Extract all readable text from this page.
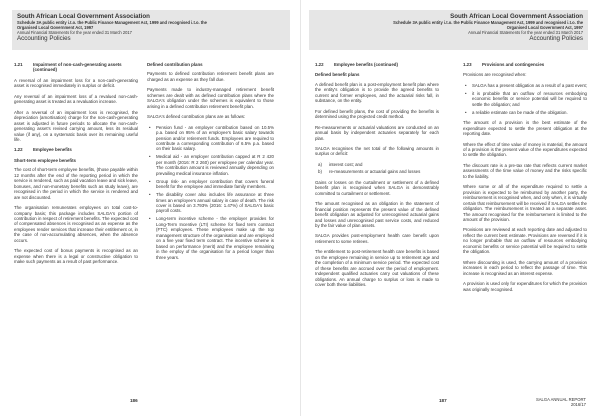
South African Local Government Association
Schedule 3A public entity i.t.o. the Public Finance Management Act, 1999 and recognised i.t.o. the
Organised Local Government Act, 1997
Annual Financial Statements for the year ended 31 March 2017
Accounting Policies
1.21	Impairment of non-cash-generating assets (continued)

A reversal of an impairment loss for a non-cash-generating asset is recognised immediately in surplus or deficit.

Any reversal of an impairment loss of a revalued non-cash-generating asset is treated as a revaluation increase.

After a reversal of an impairment loss is recognised, the depreciation (amortisation) charge for the non-cash-generating asset is adjusted in future periods to allocate the non-cash-generating asset's revised carrying amount, less its residual value (if any), on a systematic basis over its remaining useful life.

1.22	Employee benefits
Short-term employee benefits

The cost of short-term employee benefits, (those payable within 12 months after the end of the reporting period in which the service is rendered, such as paid vacation leave and sick leave, bonuses, and non-monetary benefits such as study leave), are recognised in the period in which the service is rendered and are not discounted.

The organisation remunerates employees on total cost-to-company basis; this package includes SALGA's portion of contribution in respect of retirement benefits. The expected cost of compensated absences is recognised as an expense as the employees render services that increase their entitlement or, in the case of non-accumulating absences, when the absence occurs.

The expected cost of bonus payments is recognised as an expense when there is a legal or constructive obligation to make such payments as a result of past performance.

Defined contribution plans

Payments to defined contribution retirement benefit plans are charged as an expense as they fall due.

Payments made to industry-managed retirement benefit schemes are dealt with as defined contribution plans where the SALGA's obligation under the schemes is equivalent to those arising in a defined contribution retirement benefit plan.

SALGA's defined contribution plans are as follows:

• Pension fund - an employer contribution based on 10.5% p.a. based on 95% of an employee's basic salary towards pension and/or retirement funds. Employees are required to contribute a corresponding contribution of 6.5% p.a. based on their basic salary.
• Medical aid - an employer contribution capped at R 2 420 per month (2016: R 2 260) per employee per calendar year. The contribution amount is reviewed annually depending on prevailing medical insurance inflation.
• Group risk- an employer contribution that covers funeral benefit for the employee and immediate family members.
• The disability cover also includes life assurance at three times an employee's annual salary in case of death. The risk cover is based on 3.793% (2016: 1.47%) of SALGA's basic payroll costs.
• Long-term incentive scheme - the employer provides for Long-Term Incentive (LTI) scheme for fixed term contract (FTC) employees. These employees make up the top management structure of the organisation and are employed on a five year fixed term contract. The incentive scheme is based on performance (merit) and the employee remaining in the employ of the organisation for a period longer than three years.
186
South African Local Government Association
Schedule 3A public entity i.t.o. the Public Finance Management Act, 1999 and recognised i.t.o. the
Organised Local Government Act, 1997
Annual Financial Statements for the year ended 31 March 2017
Accounting Policies
1.22	Employee benefits (continued)
Defined benefit plans

A defined benefit plan is a post-employment benefit plan where the entity's obligation is to provide the agreed benefits to current and former employees, and the actuarial risks fall, in substance, on the entity.

For defined benefit plans, the cost of providing the benefits is determined using the projected credit method.

Re-measurements or actuarial valuations are conducted on an annual basis by independent actuaries separately for each plan.

SALGA recognises the net total of the following amounts in surplus or deficit:

a) interest cost; and
b) re-measurements or actuarial gains and losses

Gains or losses on the curtailment or settlement of a defined benefit plan is recognised when SALGA is demonstrably committed to curtailment or settlement.

The amount recognised as an obligation in the statement of financial position represents the present value of the defined benefit obligation as adjusted for unrecognised actuarial gains and losses and unrecognised past service costs, and reduced by the fair value of plan assets.

SALGA provides post-employment health care benefit upon retirement to some retirees.

The entitlement to post-retirement health care benefits is based on the employee remaining in service up to retirement age and the completion of a minimum service period. The expected cost of these benefits are accrued over the period of employment. Independent qualified actuaries carry out valuations of these obligations. An annual charge to surplus or loss is made to cover both these liabilities.

1.23	Provisions and contingencies

Provisions are recognised when:

• SALGA has a present obligation as a result of a past event;
• it is probable that an outflow of resources embodying economic benefits or service potential will be required to settle the obligation; and
• a reliable estimate can be made of the obligation.

The amount of a provision is the best estimate of the expenditure expected to settle the present obligation at the reporting date.

Where the effect of time value of money is material, the amount of a provision is the present value of the expenditures expected to settle the obligation.

The discount rate is a pre-tax rate that reflects current market assessments of the time value of money and the risks specific to the liability.

Where some or all of the expenditure required to settle a provision is expected to be reimbursed by another party, the reimbursement is recognised when, and only when, it is virtually certain that reimbursement will be received if SALGA settles the obligation. The reimbursement is treated as a separate asset. The amount recognised for the reimbursement is limited to the amount of the provision.

Provisions are reviewed at each reporting date and adjusted to reflect the current best estimate. Provisions are reversed if it is no longer probable that an outflow of resources embodying economic benefits or service potential will be required to settle the obligation.

Where discounting is used, the carrying amount of a provision increases in each period to reflect the passage of time. This increase is recognised as an interest expense.

A provision is used only for expenditures for which the provision was originally recognised.

187	SALGA ANNUAL REPORT
2016/17
